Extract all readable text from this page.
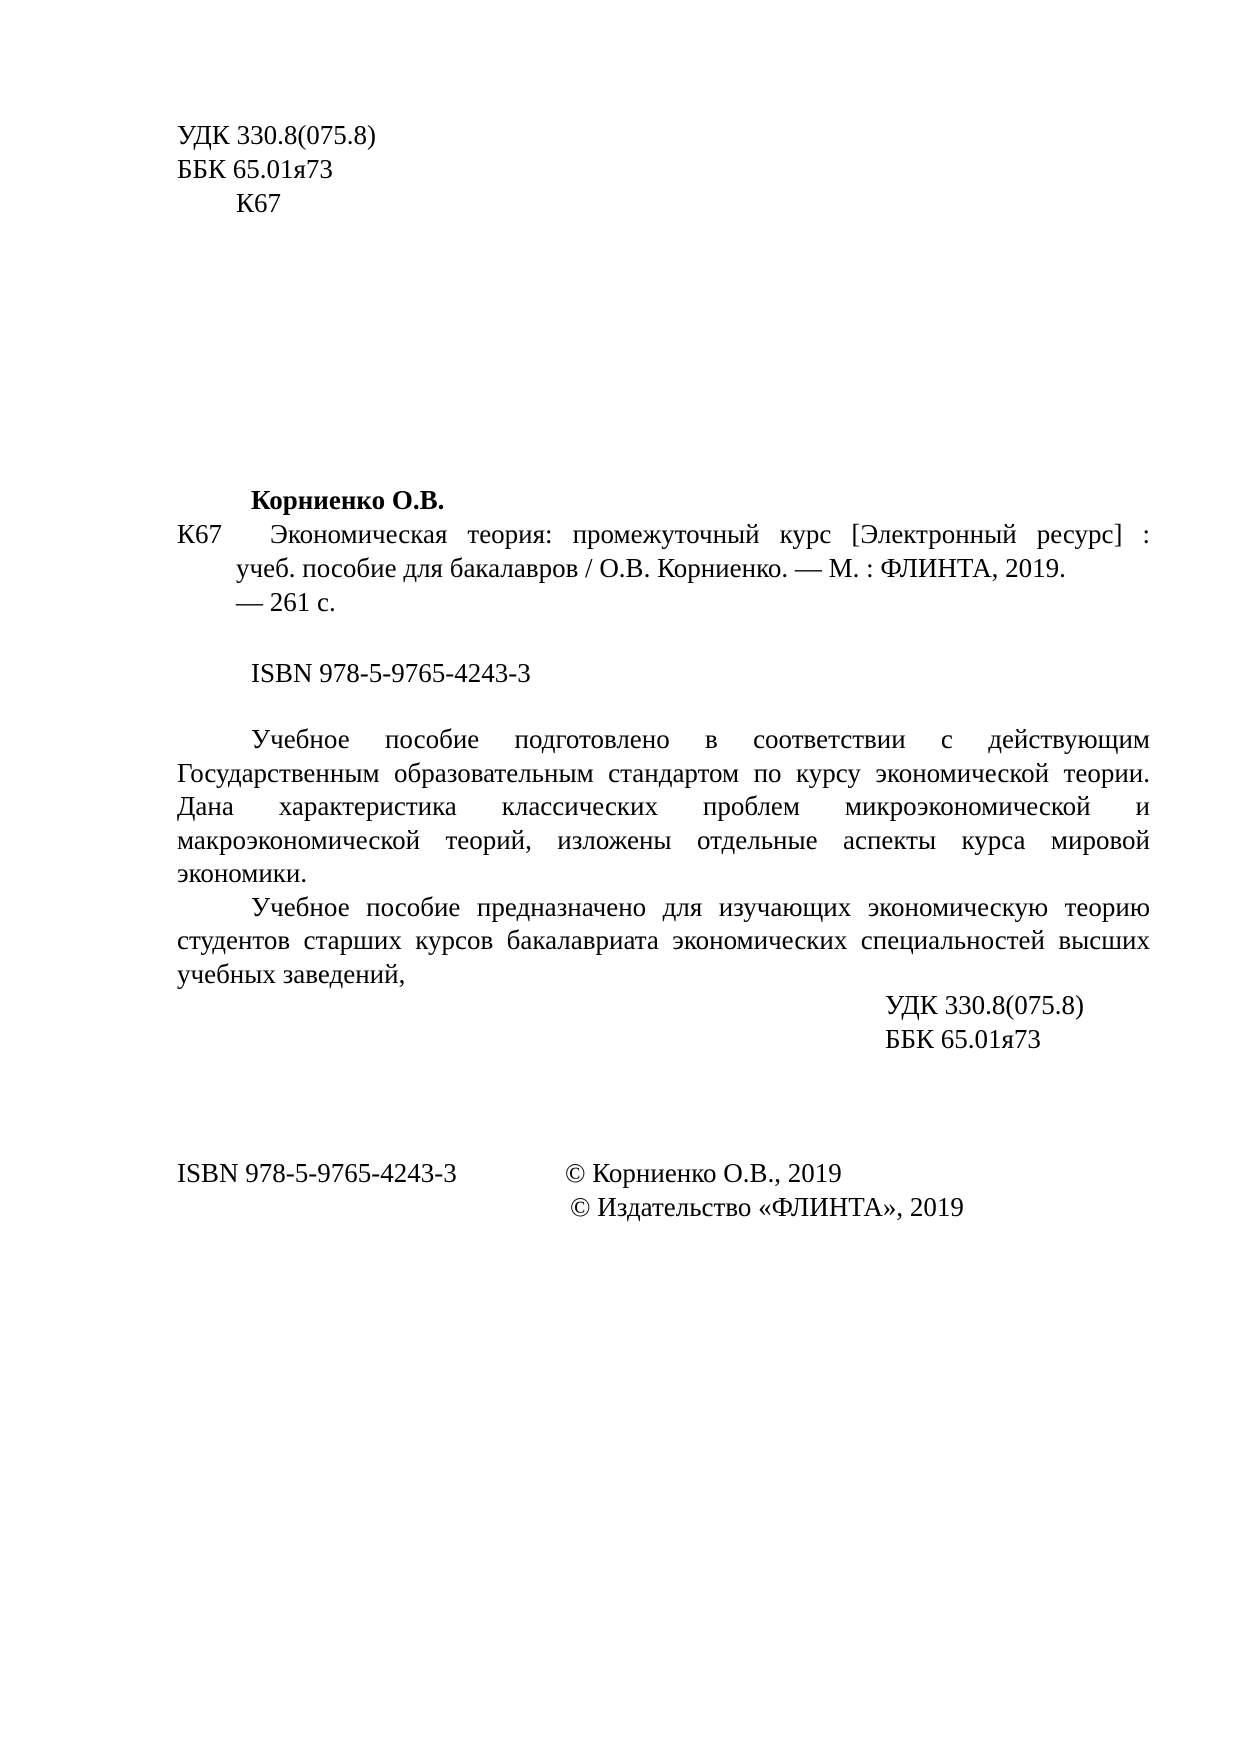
УДК 330.8(075.8)
ББК 65.01я73
К67
Корниенко О.В.
К67	Экономическая теория: промежуточный курс [Электронный ресурс] :
учеб. пособие для бакалавров / О.В. Корниенко. — М. : ФЛИНТА, 2019.
— 261 с.
ISBN 978-5-9765-4243-3

Учебное пособие подготовлено в соответствии с действующим Государственным образовательным стандартом по курсу экономической теории. Дана характеристика классических проблем микроэкономической и макроэкономической теорий, изложены отдельные аспекты курса мировой экономики.

Учебное пособие предназначено для изучающих экономическую теорию студентов старших курсов бакалавриата экономических специальностей высших учебных заведений,

УДК 330.8(075.8)
ББК 65.01я73
ISBN 978-5-9765-4243-3	© Корниенко О.В., 2019
© Издательство «ФЛИНТА», 2019
